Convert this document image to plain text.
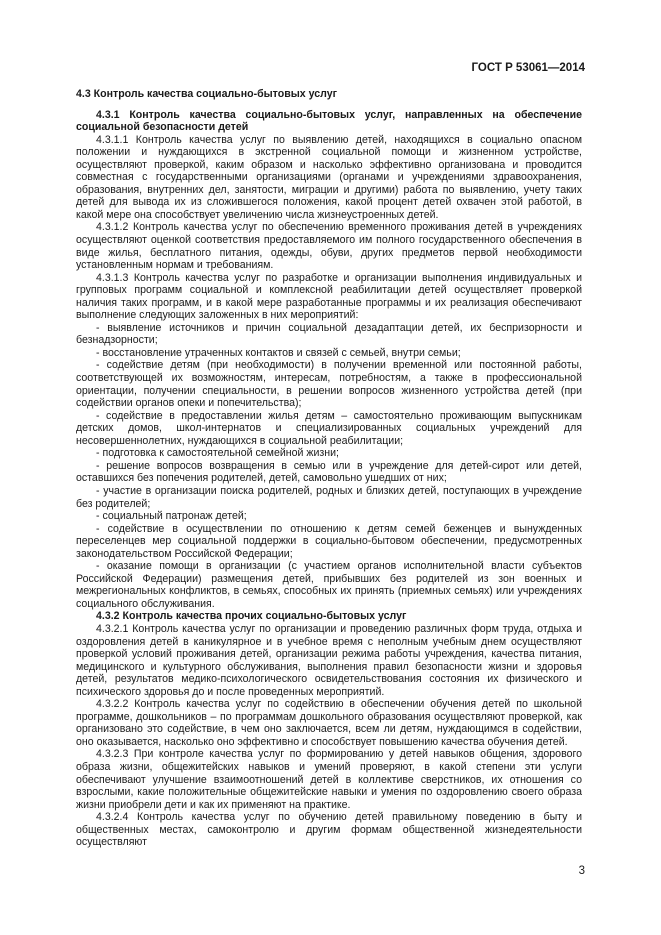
ГОСТ Р 53061—2014
4.3 Контроль качества социально-бытовых услуг
4.3.1 Контроль качества социально-бытовых услуг, направленных на обеспечение социальной безопасности детей

4.3.1.1 Контроль качества услуг по выявлению детей, находящихся в социально опасном положении и нуждающихся в экстренной социальной помощи и жизненном устройстве, осуществляют проверкой, каким образом и насколько эффективно организована и проводится совместная с государственными организациями (органами и учреждениями здравоохранения, образования, внутренних дел, занятости, миграции и другими) работа по выявлению, учету таких детей для вывода их из сложившегося положения, какой процент детей охвачен этой работой, в какой мере она способствует увеличению числа жизнеустроенных детей.

4.3.1.2 Контроль качества услуг по обеспечению временного проживания детей в учреждениях осуществляют оценкой соответствия предоставляемого им полного государственного обеспечения в виде жилья, бесплатного питания, одежды, обуви, других предметов первой необходимости установленным нормам и требованиям.

4.3.1.3 Контроль качества услуг по разработке и организации выполнения индивидуальных и групповых программ социальной и комплексной реабилитации детей осуществляет проверкой наличия таких программ, и в какой мере разработанные программы и их реализация обеспечивают выполнение следующих заложенных в них мероприятий:

- выявление источников и причин социальной дезадаптации детей, их беспризорности и безнадзорности;

- восстановление утраченных контактов и связей с семьей, внутри семьи;

- содействие детям (при необходимости) в получении временной или постоянной работы, соответствующей их возможностям, интересам, потребностям, а также в профессиональной ориентации, получении специальности, в решении вопросов жизненного устройства детей (при содействии органов опеки и попечительства);

- содействие в предоставлении жилья детям – самостоятельно проживающим выпускникам детских домов, школ-интернатов и специализированных социальных учреждений для несовершеннолетних, нуждающихся в социальной реабилитации;

- подготовка к самостоятельной семейной жизни;

- решение вопросов возвращения в семью или в учреждение для детей-сирот или детей, оставшихся без попечения родителей, детей, самовольно ушедших от них;

- участие в организации поиска родителей, родных и близких детей, поступающих в учреждение без родителей;

- социальный патронаж детей;

- содействие в осуществлении по отношению к детям семей беженцев и вынужденных переселенцев мер социальной поддержки в социально-бытовом обеспечении, предусмотренных законодательством Российской Федерации;

- оказание помощи в организации (с участием органов исполнительной власти субъектов Российской Федерации) размещения детей, прибывших без родителей из зон военных и межрегиональных конфликтов, в семьях, способных их принять (приемных семьях) или учреждениях социального обслуживания.

4.3.2 Контроль качества прочих социально-бытовых услуг

4.3.2.1 Контроль качества услуг по организации и проведению различных форм труда, отдыха и оздоровления детей в каникулярное и в учебное время с неполным учебным днем осуществляют проверкой условий проживания детей, организации режима работы учреждения, качества питания, медицинского и культурного обслуживания, выполнения правил безопасности жизни и здоровья детей, результатов медико-психологического освидетельствования состояния их физического и психического здоровья до и после проведенных мероприятий.

4.3.2.2 Контроль качества услуг по содействию в обеспечении обучения детей по школьной программе, дошкольников – по программам дошкольного образования осуществляют проверкой, как организовано это содействие, в чем оно заключается, всем ли детям, нуждающимся в содействии, оно оказывается, насколько оно эффективно и способствует повышению качества обучения детей.

4.3.2.3 При контроле качества услуг по формированию у детей навыков общения, здорового образа жизни, общежитейских навыков и умений проверяют, в какой степени эти услуги обеспечивают улучшение взаимоотношений детей в коллективе сверстников, их отношения со взрослыми, какие положительные общежитейские навыки и умения по оздоровлению своего образа жизни приобрели дети и как их применяют на практике.

4.3.2.4 Контроль качества услуг по обучению детей правильному поведению в быту и общественных местах, самоконтролю и другим формам общественной жизнедеятельности осуществляют

3
